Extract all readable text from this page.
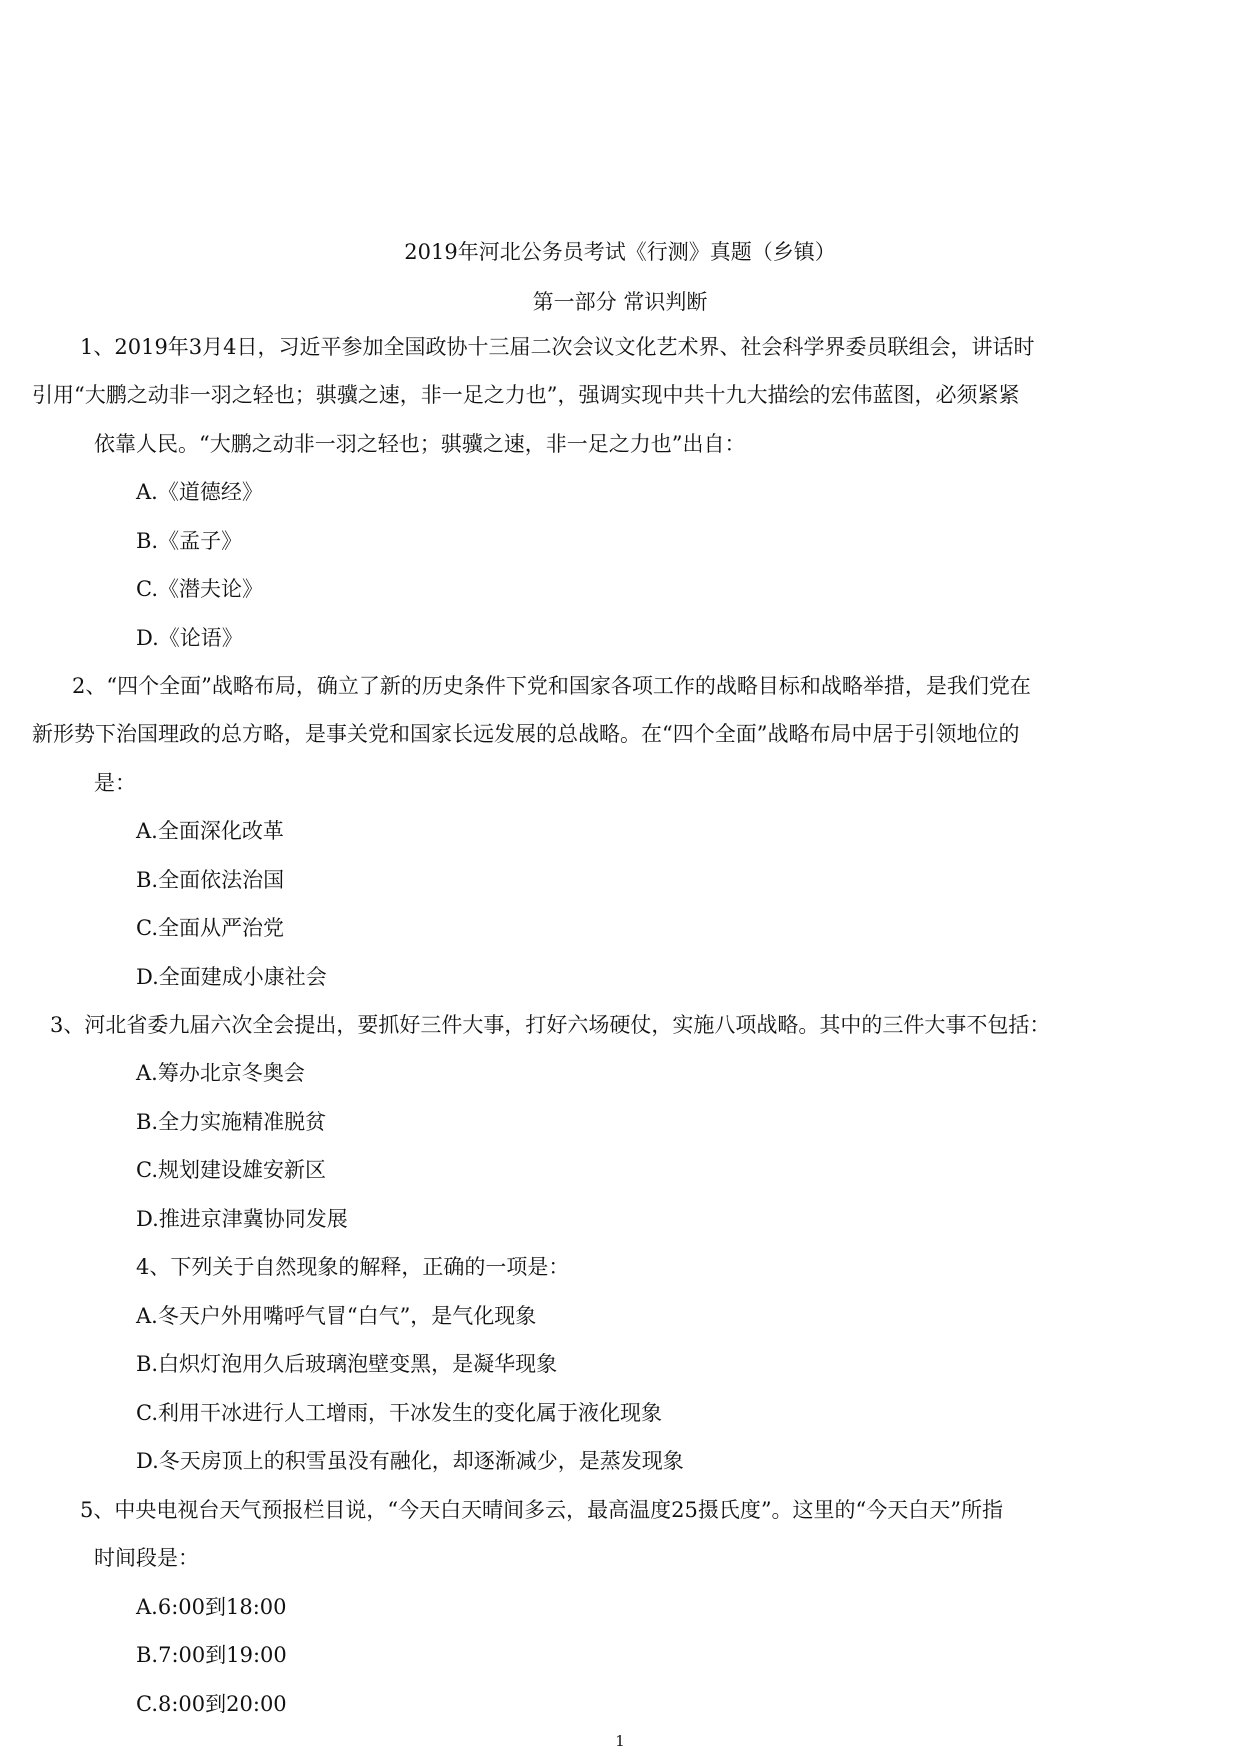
2019年河北公务员考试《行测》真题（乡镇）
第一部分 常识判断
1、2019年3月4日，习近平参加全国政协十三届二次会议文化艺术界、社会科学界委员联组会，讲话时
引用“大鹏之动非一羽之轻也；骐骥之速，非一足之力也”，强调实现中共十九大描绘的宏伟蓝图，必须紧紧
依靠人民。“大鹏之动非一羽之轻也；骐骥之速，非一足之力也”出自：
A.《道德经》
B.《孟子》
C.《潜夫论》
D.《论语》
2、“四个全面”战略布局，确立了新的历史条件下党和国家各项工作的战略目标和战略举措，是我们党在
新形势下治国理政的总方略，是事关党和国家长远发展的总战略。在“四个全面”战略布局中居于引领地位的
是：
A.全面深化改革
B.全面依法治国
C.全面从严治党
D.全面建成小康社会
3、河北省委九届六次全会提出，要抓好三件大事，打好六场硬仗，实施八项战略。其中的三件大事不包括：
A.筹办北京冬奥会
B.全力实施精准脱贫
C.规划建设雄安新区
D.推进京津冀协同发展
4、下列关于自然现象的解释，正确的一项是：
A.冬天户外用嘴呼气冒“白气”，是气化现象
B.白炽灯泡用久后玻璃泡壁变黑，是凝华现象
C.利用干冰进行人工增雨，干冰发生的变化属于液化现象
D.冬天房顶上的积雪虽没有融化，却逐渐减少，是蒸发现象
5、中央电视台天气预报栏目说，“今天白天晴间多云，最高温度25摄氏度”。这里的“今天白天”所指
时间段是：
A.6:00到18:00
B.7:00到19:00
C.8:00到20:00
1
